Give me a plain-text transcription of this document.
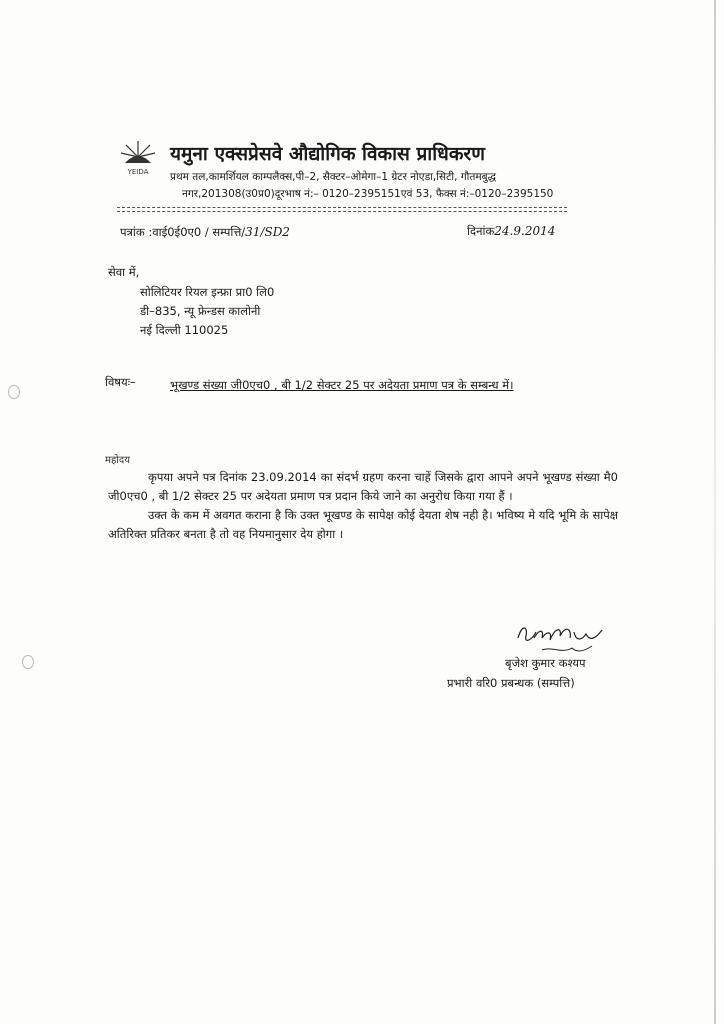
YEIDA
यमुना एक्सप्रेसवे औद्योगिक विकास प्राधिकरण
प्रथम तल,कामर्शियल काम्पलैक्स,पी–2, सैक्टर–ओमेगा–1 ग्रेटर नोएडा,सिटी, गौतमबुद्ध
नगर,201308(उ0प्र0)दूरभाष नं:– 0120–2395151एवं 53, फैक्स नं:–0120–2395150
पत्रांक :वाई0ई0ए0 / सम्पत्ति/31/SD2	दिनांक24.9.2014
सेवा में,
सोलिटियर रियल इन्फ्रा प्रा0 लि0
डी–835, न्यू फ्रेन्डस कालोनी
नई दिल्ली 110025
विषयः–	भूखण्ड संख्या जी0एच0 , बी 1/2 सेक्टर 25 पर अदेयता प्रमाण पत्र के सम्बन्ध में।
महोदय

कृपया अपने पत्र दिनांक 23.09.2014 का संदर्भ ग्रहण करना चाहें जिसके द्वारा आपने अपने भूखण्ड संख्या मै0 जी0एच0 , बी 1/2 सेक्टर 25 पर अदेयता प्रमाण पत्र प्रदान किये जाने का अनुरोध किया गया हैं ।

उक्त के कम में अवगत कराना है कि उक्त भूखण्ड के सापेक्ष कोई देयता शेष नही है। भविष्य मे यदि भूमि के सापेक्ष अतिरिक्त प्रतिकर बनता है तो वह नियमानुसार देय होगा ।

बृजेश कुमार कश्यप
प्रभारी वरि0 प्रबन्धक (सम्पत्ति)
